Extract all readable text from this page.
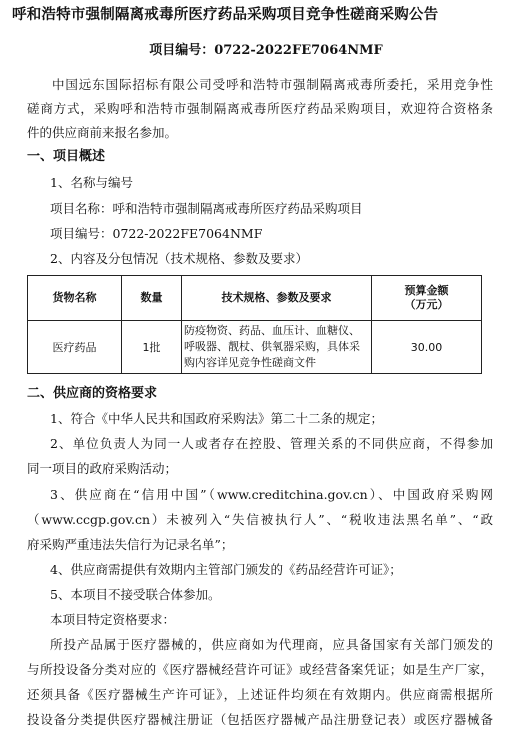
呼和浩特市强制隔离戒毒所医疗药品采购项目竞争性磋商采购公告
项目编号：0722-2022FE7064NMF
中国远东国际招标有限公司受呼和浩特市强制隔离戒毒所委托，采用竞争性
磋商方式，采购呼和浩特市强制隔离戒毒所医疗药品采购项目，欢迎符合资格条
件的供应商前来报名参加。
一、项目概述
1、名称与编号
项目名称：呼和浩特市强制隔离戒毒所医疗药品采购项目
项目编号：0722-2022FE7064NMF
2、内容及分包情况（技术规格、参数及要求）
货物名称	数量	技术规格、参数及要求	预算金额
（万元）

医疗药品	1批	防疫物资、药品、血压计、血糖仪、
呼吸器、靓杖、供氧器采购，具体采
购内容详见竞争性磋商文件	30.00
二、供应商的资格要求
1、符合《中华人民共和国政府采购法》第二十二条的规定；
2、单位负责人为同一人或者存在控股、管理关系的不同供应商，不得参加
同一项目的政府采购活动；
3、供应商在“信用中国”（www.creditchina.gov.cn）、中国政府采购网
（www.ccgp.gov.cn）未被列入“失信被执行人”、“税收违法黑名单”、“政
府采购严重违法失信行为记录名单”；
4、供应商需提供有效期内主管部门颁发的《药品经营许可证》；
5、本项目不接受联合体参加。
本项目特定资格要求：
所投产品属于医疗器械的，供应商如为代理商，应具备国家有关部门颁发的
与所投设备分类对应的《医疗器械经营许可证》或经营备案凭证；如是生产厂家，
还须具备《医疗器械生产许可证》，上述证件均须在有效期内。供应商需根据所
投设备分类提供医疗器械注册证（包括医疗器械产品注册登记表）或医疗器械备
